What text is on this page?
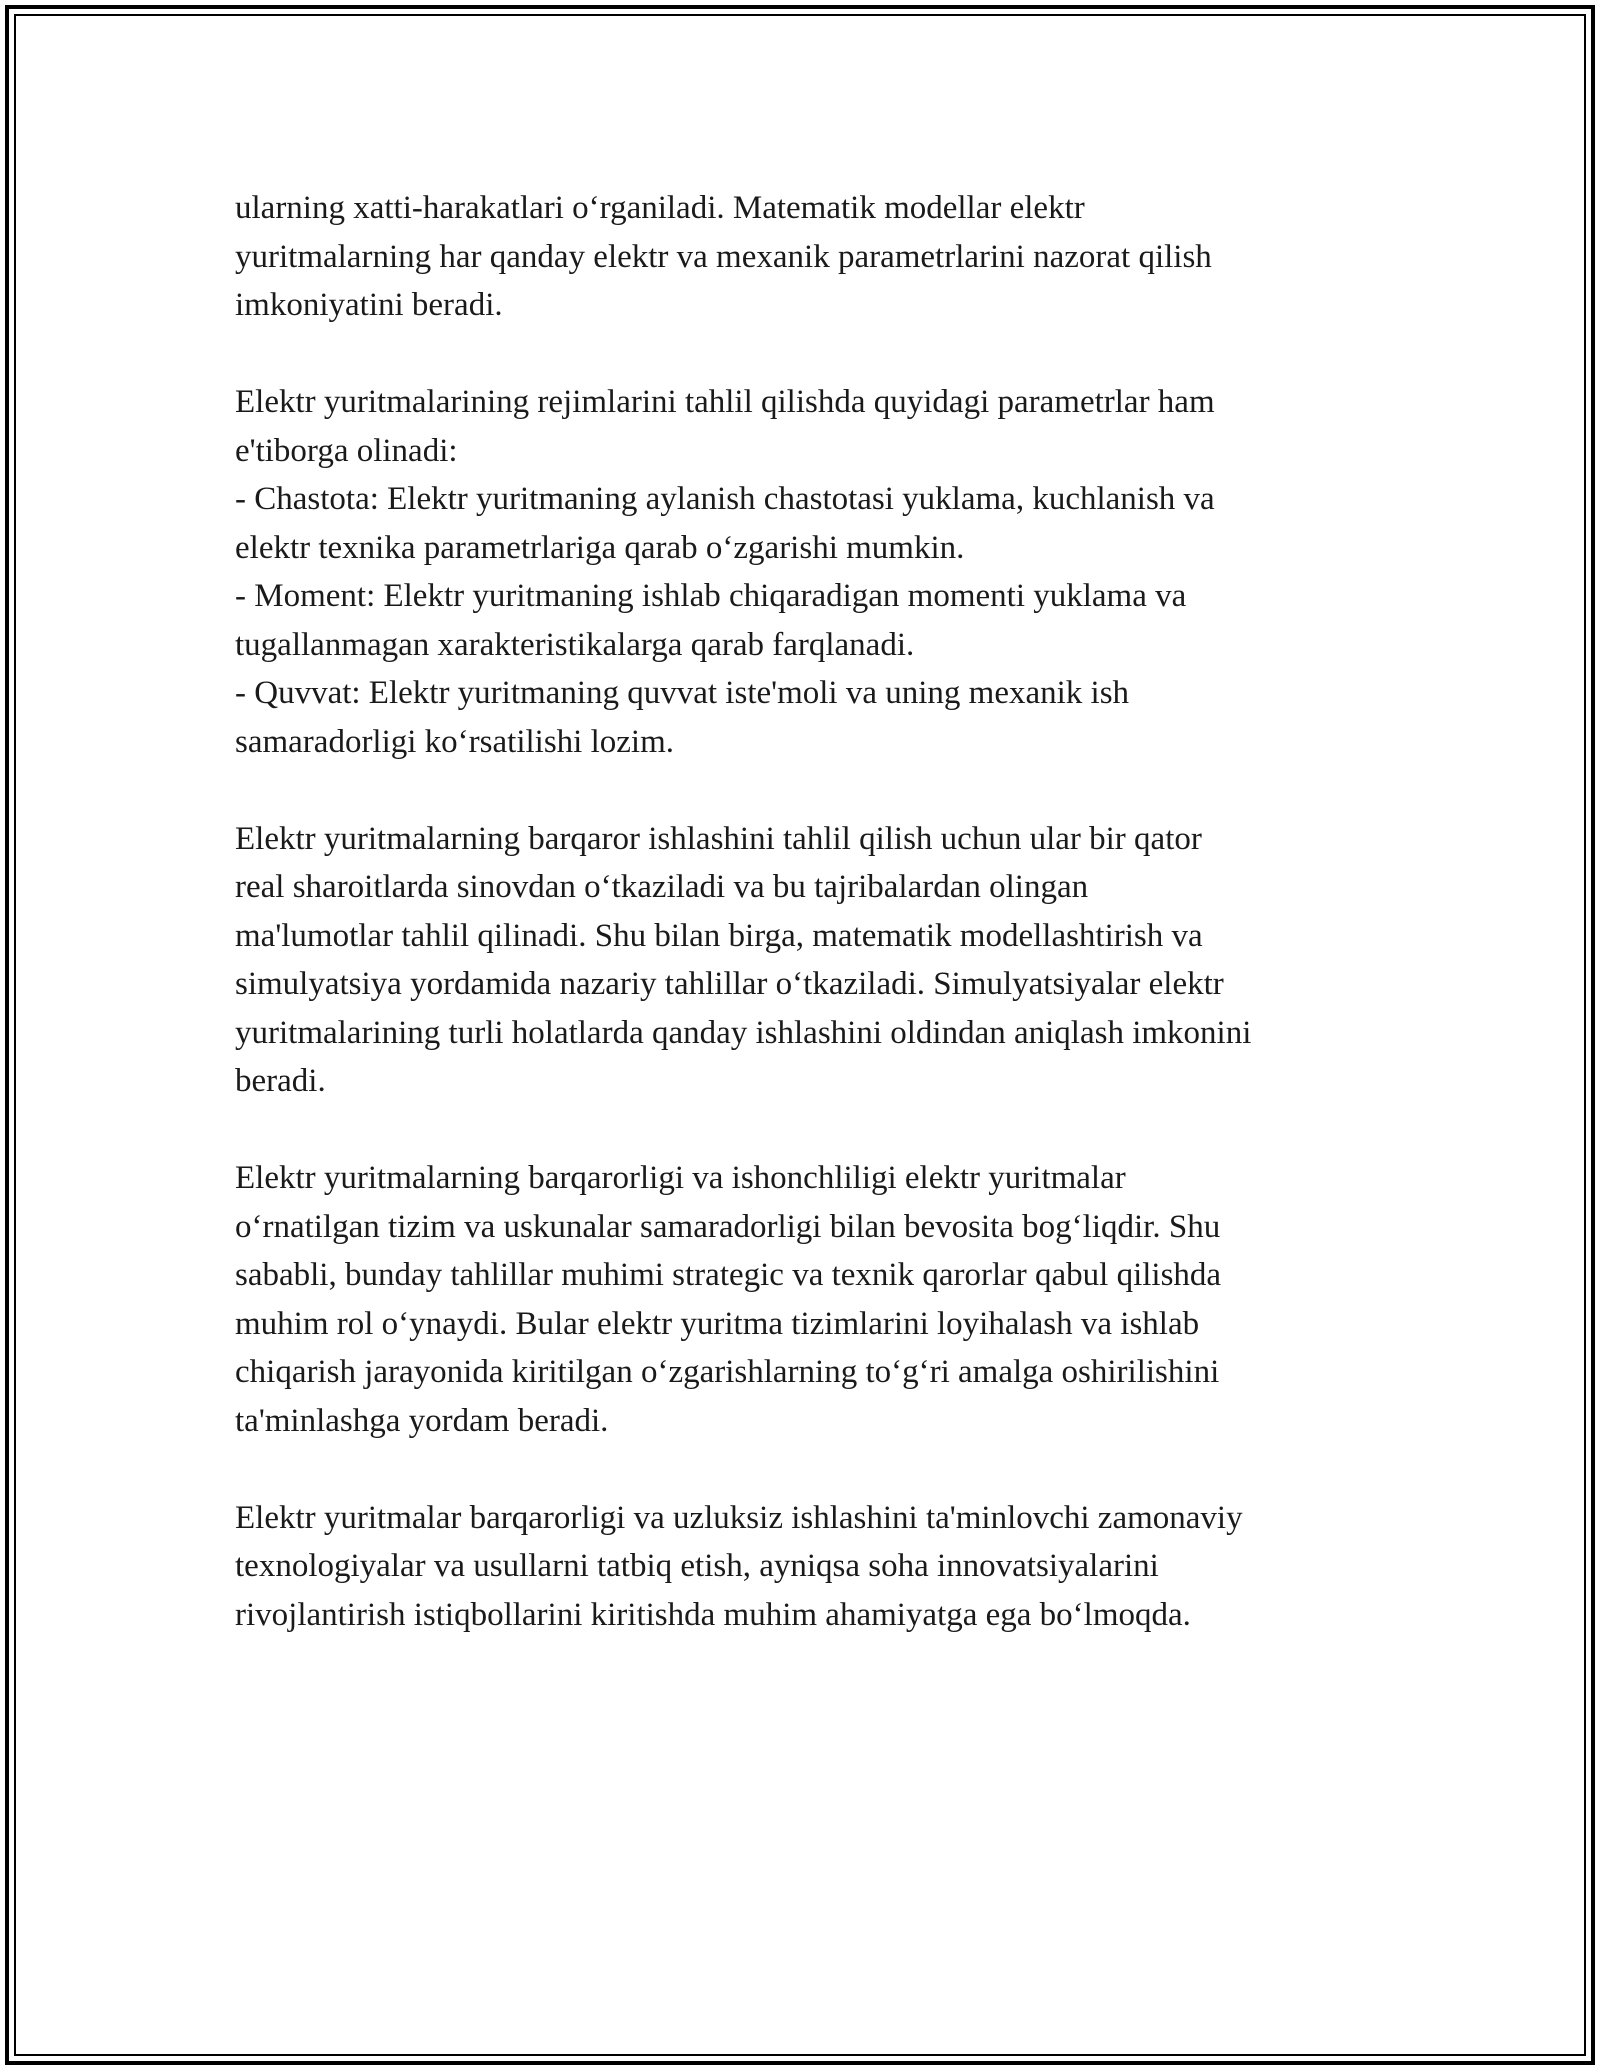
ularning xatti-harakatlari o‘rganiladi. Matematik modellar elektr
yuritmalarning har qanday elektr va mexanik parametrlarini nazorat qilish
imkoniyatini beradi.

Elektr yuritmalarining rejimlarini tahlil qilishda quyidagi parametrlar ham
e'tiborga olinadi:
- Chastota: Elektr yuritmaning aylanish chastotasi yuklama, kuchlanish va
elektr texnika parametrlariga qarab o‘zgarishi mumkin.
- Moment: Elektr yuritmaning ishlab chiqaradigan momenti yuklama va
tugallanmagan xarakteristikalarga qarab farqlanadi.
- Quvvat: Elektr yuritmaning quvvat iste'moli va uning mexanik ish
samaradorligi ko‘rsatilishi lozim.

Elektr yuritmalarning barqaror ishlashini tahlil qilish uchun ular bir qator
real sharoitlarda sinovdan o‘tkaziladi va bu tajribalardan olingan
ma'lumotlar tahlil qilinadi. Shu bilan birga, matematik modellashtirish va
simulyatsiya yordamida nazariy tahlillar o‘tkaziladi. Simulyatsiyalar elektr
yuritmalarining turli holatlarda qanday ishlashini oldindan aniqlash imkonini
beradi.

Elektr yuritmalarning barqarorligi va ishonchliligi elektr yuritmalar
o‘rnatilgan tizim va uskunalar samaradorligi bilan bevosita bog‘liqdir. Shu
sababli, bunday tahlillar muhimi strategic va texnik qarorlar qabul qilishda
muhim rol o‘ynaydi. Bular elektr yuritma tizimlarini loyihalash va ishlab
chiqarish jarayonida kiritilgan o‘zgarishlarning to‘g‘ri amalga oshirilishini
ta'minlashga yordam beradi.

Elektr yuritmalar barqarorligi va uzluksiz ishlashini ta'minlovchi zamonaviy
texnologiyalar va usullarni tatbiq etish, ayniqsa soha innovatsiyalarini
rivojlantirish istiqbollarini kiritishda muhim ahamiyatga ega bo‘lmoqda.
